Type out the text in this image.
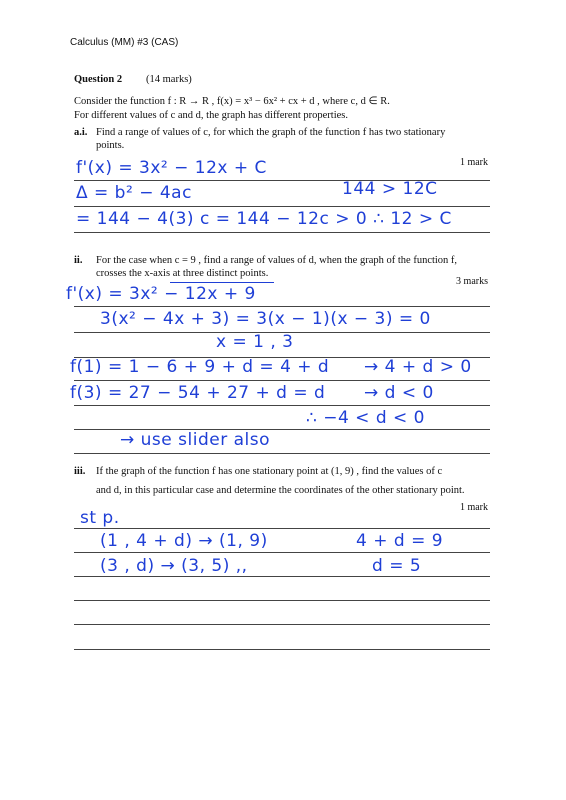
Calculus (MM) #3 (CAS)
Question 2 (14 marks)
Consider the function f : R → R , f(x) = x³ − 6x² + cx + d , where c, d ∈ R.
For different values of c and d, the graph has different properties.
a.i. Find a range of values of c, for which the graph of the function f has two stationary
points.
1 mark
f'(x) = 3x² − 12x + C
Δ = b² − 4ac	144 > 12C
= 144 − 4(3) c = 144 − 12c > 0 ∴ 12 > C
ii. For the case when c = 9 , find a range of values of d, when the graph of the function f,
crosses the x-axis at three distinct points.
3 marks
f'(x) = 3x² − 12x + 9
3(x² − 4x + 3) = 3(x − 1)(x − 3) = 0
x = 1 , 3
f(1) = 1 − 6 + 9 + d = 4 + d → 4 + d > 0
f(3) = 27 − 54 + 27 + d = d → d < 0
∴ −4 < d < 0
→ use slider also
iii. If the graph of the function f has one stationary point at (1, 9) , find the values of c
and d, in this particular case and determine the coordinates of the other stationary point.
1 mark
st p.
(1 , 4 + d) → (1, 9)	4 + d = 9
(3 , d) → (3, 5) ,,	d = 5
